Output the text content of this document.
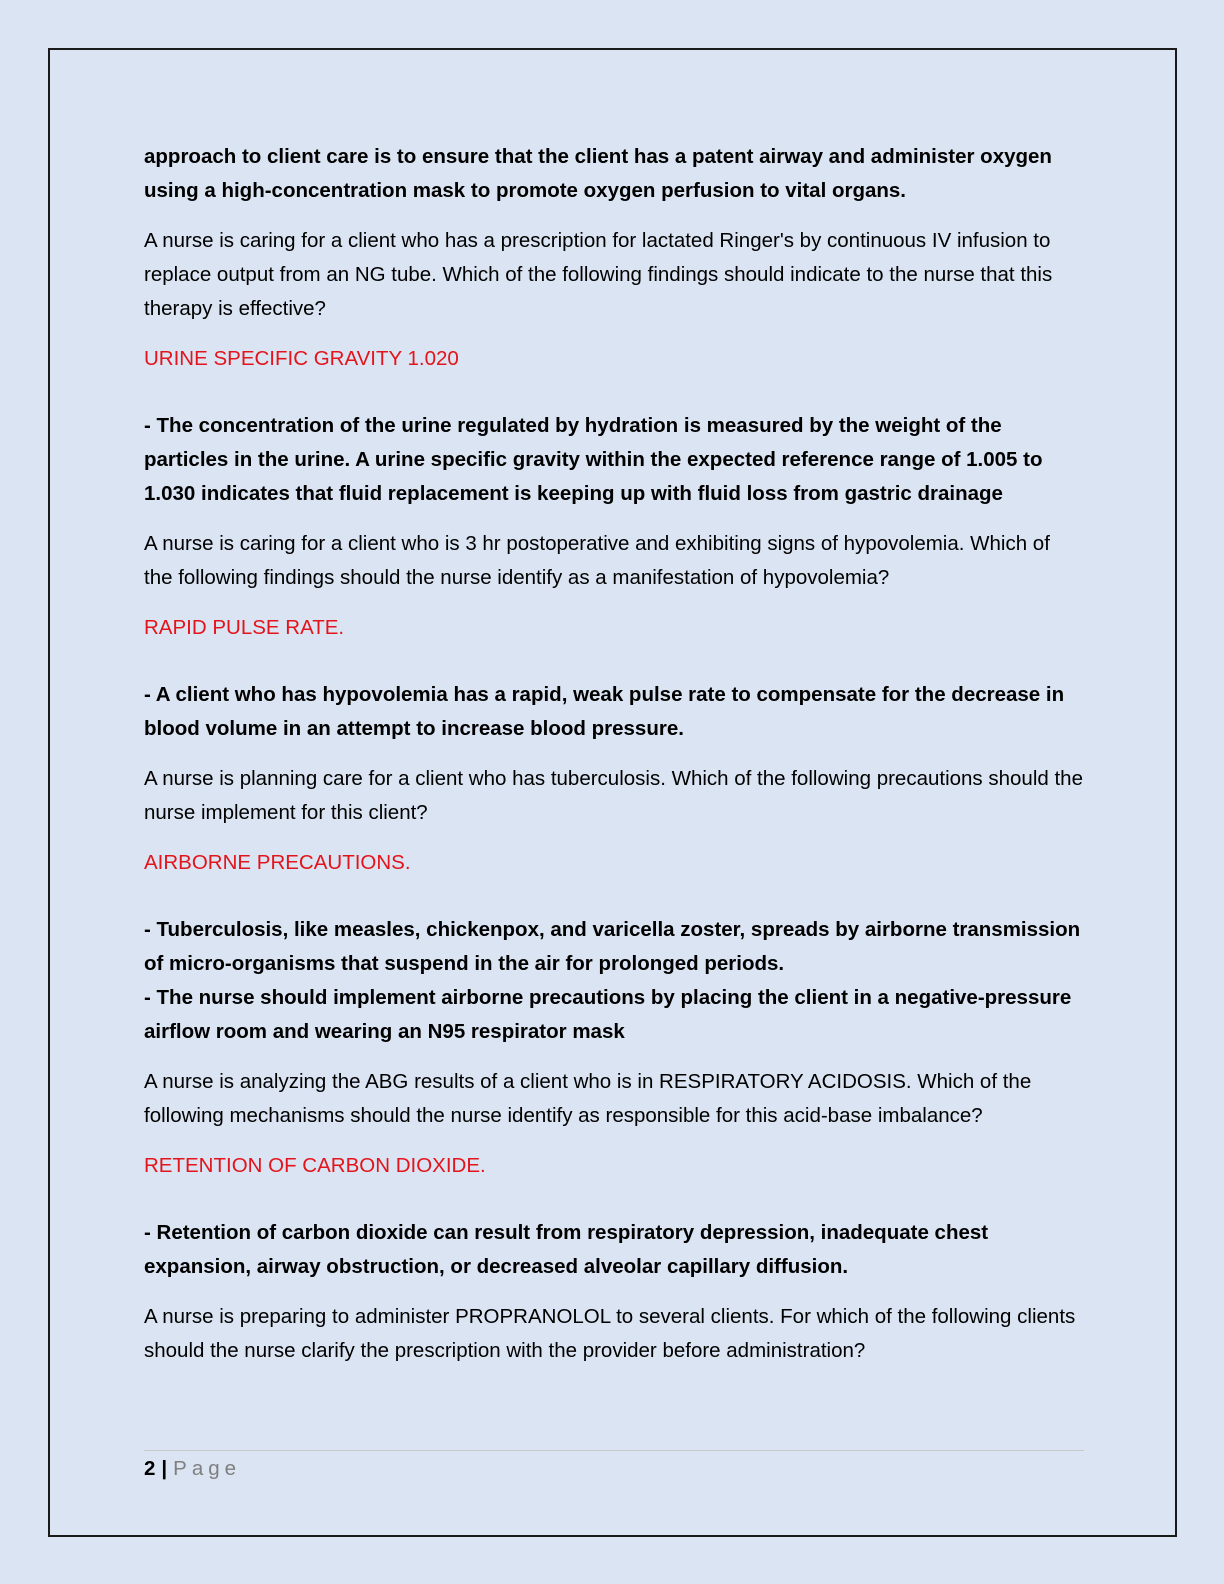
approach to client care is to ensure that the client has a patent airway and administer oxygen using a high-concentration mask to promote oxygen perfusion to vital organs.

A nurse is caring for a client who has a prescription for lactated Ringer's by continuous IV infusion to replace output from an NG tube. Which of the following findings should indicate to the nurse that this therapy is effective?

URINE SPECIFIC GRAVITY 1.020

- The concentration of the urine regulated by hydration is measured by the weight of the particles in the urine. A urine specific gravity within the expected reference range of 1.005 to 1.030 indicates that fluid replacement is keeping up with fluid loss from gastric drainage

A nurse is caring for a client who is 3 hr postoperative and exhibiting signs of hypovolemia. Which of the following findings should the nurse identify as a manifestation of hypovolemia?

RAPID PULSE RATE.

- A client who has hypovolemia has a rapid, weak pulse rate to compensate for the decrease in blood volume in an attempt to increase blood pressure.

A nurse is planning care for a client who has tuberculosis. Which of the following precautions should the nurse implement for this client?

AIRBORNE PRECAUTIONS.

- Tuberculosis, like measles, chickenpox, and varicella zoster, spreads by airborne transmission of micro-organisms that suspend in the air for prolonged periods.

- The nurse should implement airborne precautions by placing the client in a negative-pressure airflow room and wearing an N95 respirator mask

A nurse is analyzing the ABG results of a client who is in RESPIRATORY ACIDOSIS. Which of the following mechanisms should the nurse identify as responsible for this acid-base imbalance?

RETENTION OF CARBON DIOXIDE.

- Retention of carbon dioxide can result from respiratory depression, inadequate chest expansion, airway obstruction, or decreased alveolar capillary diffusion.

A nurse is preparing to administer PROPRANOLOL to several clients. For which of the following clients should the nurse clarify the prescription with the provider before administration?

2 | Page
